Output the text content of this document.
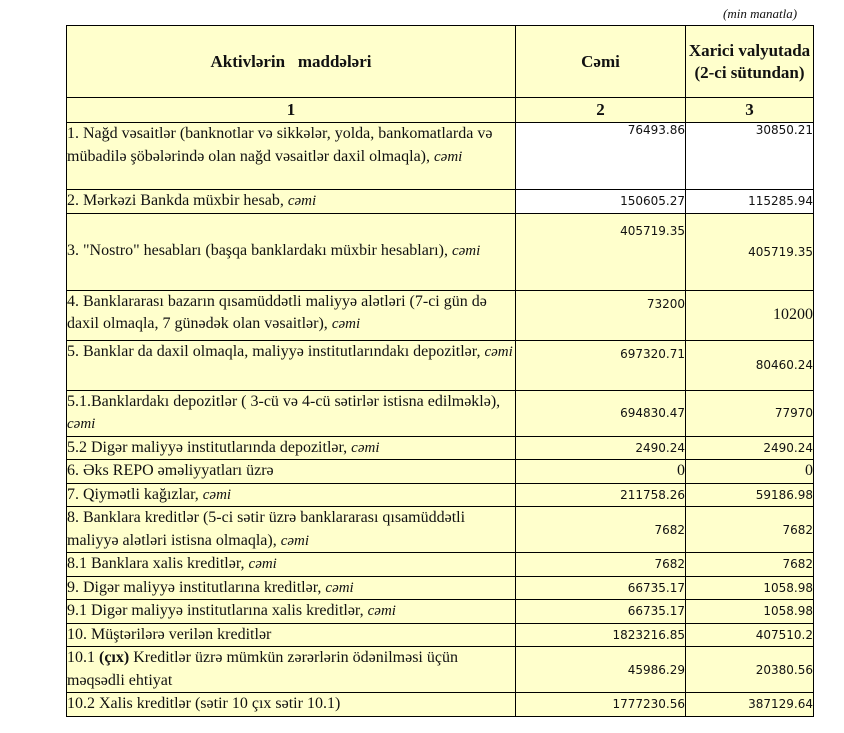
(min manatla)
Aktivlərin   maddələri	Cəmi	Xarici valyutada (2-ci sütundan)
1	2	3
1. Nağd vəsaitlər (banknotlar və sikkələr, yolda, bankomatlarda və mübadilə şöbələrində olan nağd vəsaitlər daxil olmaqla), cəmi	76493.86	30850.21
2. Mərkəzi Bankda müxbir hesab, cəmi	150605.27	115285.94
3. "Nostro" hesabları (başqa banklardakı müxbir hesabları), cəmi	405719.35	405719.35
4. Banklararası bazarın qısamüddətli maliyyə alətləri (7-ci gün də daxil olmaqla, 7 günədək olan vəsaitlər), cəmi	73200	10200
5. Banklar da daxil olmaqla, maliyyə institutlarındakı depozitlər, cəmi	697320.71	80460.24
5.1.Banklardakı depozitlər ( 3-cü və 4-cü sətirlər istisna edilməklə), cəmi	694830.47	77970
5.2 Digər maliyyə institutlarında depozitlər, cəmi	2490.24	2490.24
6. Əks REPO əməliyyatları üzrə	0	0
7. Qiymətli kağızlar, cəmi	211758.26	59186.98
8. Banklara kreditlər (5-ci sətir üzrə banklararası qısamüddətli maliyyə alətləri istisna olmaqla), cəmi	7682	7682
8.1 Banklara xalis kreditlər, cəmi	7682	7682
9. Digər maliyyə institutlarına kreditlər, cəmi	66735.17	1058.98
9.1 Digər maliyyə institutlarına xalis kreditlər, cəmi	66735.17	1058.98
10. Müştərilərə verilən kreditlər	1823216.85	407510.2
10.1 (çıx) Kreditlər üzrə mümkün zərərlərin ödənilməsi üçün məqsədli ehtiyat	45986.29	20380.56
10.2 Xalis kreditlər (sətir 10 çıx sətir 10.1)	1777230.56	387129.64
